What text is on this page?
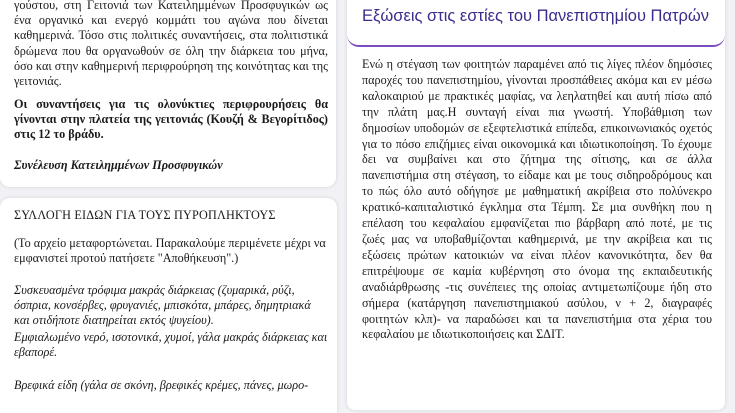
γούστου, στη Γειτονιά των Κατειλημμένων Προσφυγικών ως ένα οργανικό και ενεργό κομμάτι του αγώνα που δίνεται καθημερινά. Τόσο στις πολιτικές συναντήσεις, στα πολιτιστικά δρώμενα που θα οργανωθούν σε όλη την διάρκεια του μήνα, όσο και στην καθημερινή περιφρούρηση της κοινότητας και της γειτονιάς.

Οι συναντήσεις για τις ολονύκτιες περιφρουρήσεις θα γίνονται στην πλατεία της γειτονιάς (Κουζή & Βεγορίτιδος) στις 12 το βράδυ.

Συνέλευση Κατειλημμένων Προσφυγικών

ΣΥΛΛΟΓΗ ΕΙΔΩΝ ΓΙΑ ΤΟΥΣ ΠΥΡΟΠΛΗΚΤΟΥΣ

(Το αρχείο μεταφορτώνεται. Παρακαλούμε περιμένετε μέχρι να εμφανιστεί προτού πατήσετε "Αποθήκευση".)

Συσκευασμένα τρόφιμα μακράς διάρκειας (ζυμαρικά, ρύζι, όσπρια, κονσέρβες, φρυγανιές, μπισκότα, μπάρες, δημητριακά και οτιδήποτε διατηρείται εκτός ψυγείου).

Εμφιαλωμένο νερό, ισοτονικά, χυμοί, γάλα μακράς διάρκειας και εβαπορέ.

Βρεφικά είδη (γάλα σε σκόνη, βρεφικές κρέμες, πάνες, μωρο-

Εξώσεις στις εστίες του Πανεπιστημίου Πατρών

Ενώ η στέγαση των φοιτητών παραμένει από τις λίγες πλέον δημόσιες παροχές του πανεπιστημίου, γίνονται προσπάθειες ακόμα και εν μέσω καλοκαιριού με πρακτικές μαφίας, να λεηλατηθεί και αυτή πίσω από την πλάτη μας.Η συνταγή είναι πια γνωστή. Υποβάθμιση των δημοσίων υποδομών σε εξεφτελιστικά επίπεδα, επικοινωνιακός οχετός για το πόσο επιζήμιες είναι οικονομικά και ιδιωτικοποίηση. Το έχουμε δει να συμβαίνει και στο ζήτημα της σίτισης, και σε άλλα πανεπιστήμια στη στέγαση, το είδαμε και με τους σιδηροδρόμους και το πώς όλο αυτό οδήγησε με μαθηματική ακρίβεια στο πολύνεκρο κρατικό-καπιταλιστικό έγκλημα στα Τέμπη. Σε μια συνθήκη που η επέλαση του κεφαλαίου εμφανίζεται πιο βάρβαρη από ποτέ, με τις ζωές μας να υποβαθμίζονται καθημερινά, με την ακρίβεια και τις εξώσεις πρώτων κατοικιών να είναι πλέον κανονικότητα, δεν θα επιτρέψουμε σε καμία κυβέρνηση στο όνομα της εκπαιδευτικής αναδιάρθρωσης -τις συνέπειες της οποίας αντιμετωπίζουμε ήδη στο σήμερα (κατάργηση πανεπιστημιακού ασύλου, ν + 2, διαγραφές φοιτητών κλπ)- να παραδώσει και τα πανεπιστήμια στα χέρια του κεφαλαίου με ιδιωτικοποιήσεις και ΣΔΙΤ.
